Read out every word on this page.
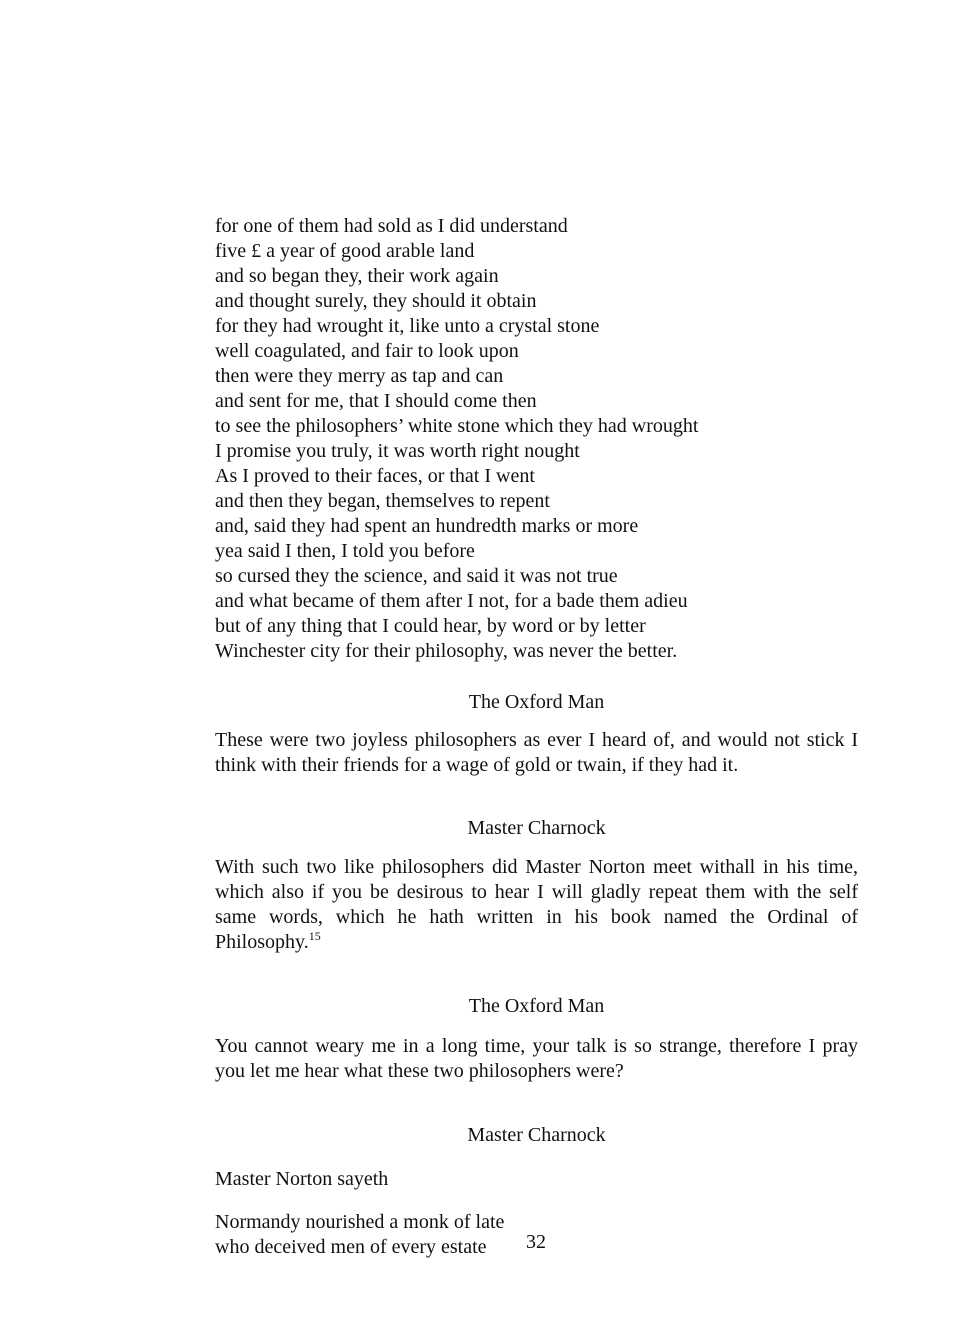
for one of them had sold as I did understand
five £ a year of good arable land
and so began they, their work again
and thought surely, they should it obtain
for they had wrought it, like unto a crystal stone
well coagulated, and fair to look upon
then were they merry as tap and can
and sent for me, that I should come then
to see the philosophers’ white stone which they had wrought
I promise you truly, it was worth right nought
As I proved to their faces, or that I went
and then they began, themselves to repent
and, said they had spent an hundredth marks or more
yea said I then, I told you before
so cursed they the science, and said it was not true
and what became of them after I not, for a bade them adieu
but of any thing that I could hear, by word or by letter
Winchester city for their philosophy, was never the better.

The Oxford Man

These were two joyless philosophers as ever I heard of, and would not stick I think with their friends for a wage of gold or twain, if they had it.

Master Charnock

With such two like philosophers did Master Norton meet withall in his time, which also if you be desirous to hear I will gladly repeat them with the self same words, which he hath written in his book named the Ordinal of Philosophy.$^{15}$

The Oxford Man

You cannot weary me in a long time, your talk is so strange, therefore I pray you let me hear what these two philosophers were?

Master Charnock

Master Norton sayeth

Normandy nourished a monk of late
who deceived men of every estate	32
